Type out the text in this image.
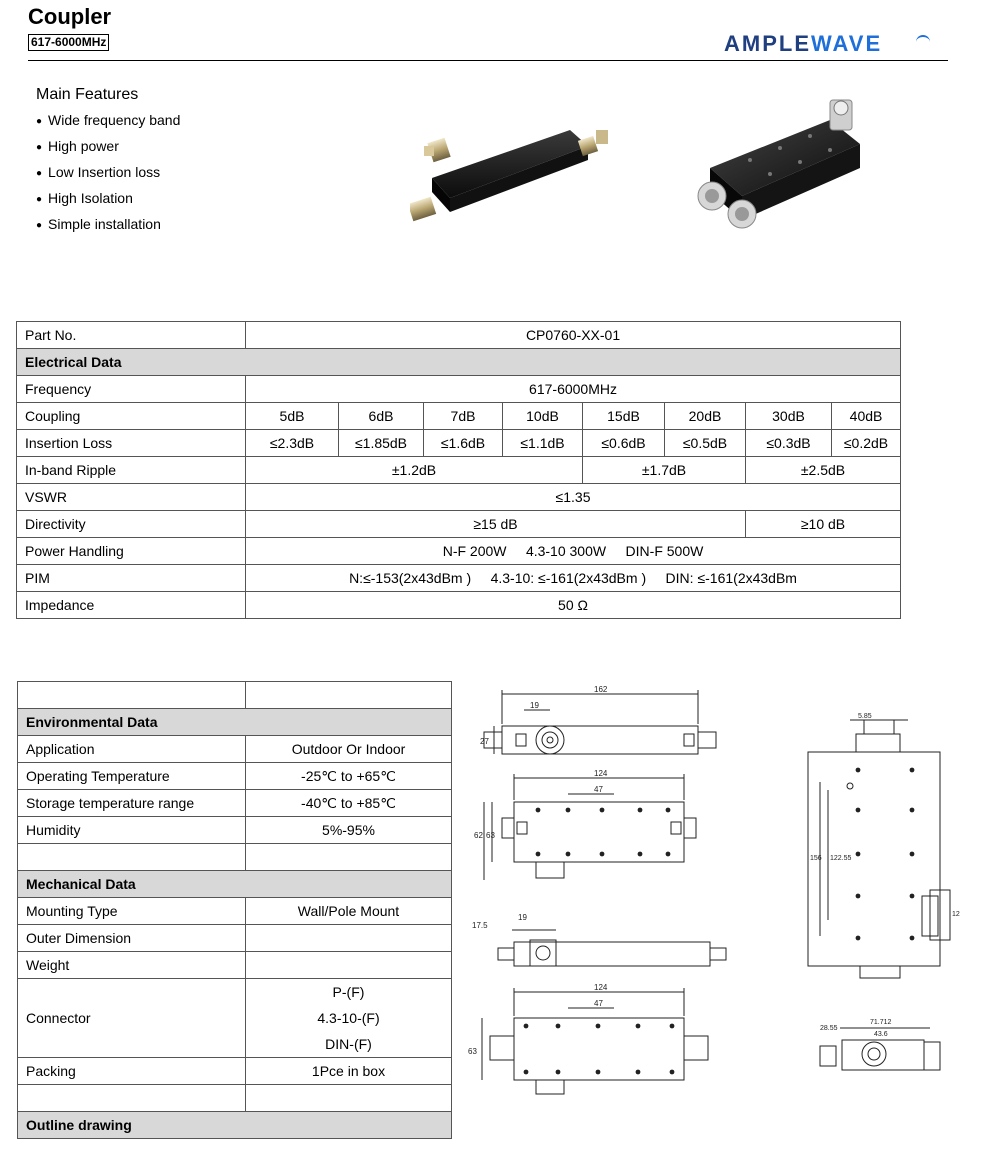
Coupler
617-6000MHz	AMPLEWAVE
Main Features
● Wide frequency band
● High power
● Low Insertion loss
● High Isolation
● Simple installation
Part No.	CP0760-XX-01							
Electrical Data								
Frequency	617-6000MHz							
Coupling	5dB	6dB	7dB	10dB	15dB	20dB	30dB	40dB
Insertion Loss	≤2.3dB	≤1.85dB	≤1.6dB	≤1.1dB	≤0.6dB	≤0.5dB	≤0.3dB	≤0.2dB
In-band Ripple	±1.2dB				±1.7dB		±2.5dB	
VSWR	≤1.35							
Directivity	≥15 dB						≥10 dB	
Power Handling	N-F 200W     4.3-10 300W     DIN-F 500W							
PIM	N:≤-153(2x43dBm )     4.3-10: ≤-161(2x43dBm )     DIN: ≤-161(2x43dBm							
Impedance	50 Ω							

Environmental Data	
Application	Outdoor Or Indoor
Operating Temperature	-25℃ to +65℃
Storage temperature range	-40℃ to +85℃
Humidity	5%-95%

Mechanical Data	
Mounting Type	Wall/Pole Mount
Outer Dimension	
Weight	
Connector	P-(F)
4.3-10-(F)
DIN-(F)

Packing	1Pce in box

Outline drawing	
162
19
27
124
47
62 63
17.5
19
124
47
63
5.85
156 122.55
12
71.712
43.6
28.55
